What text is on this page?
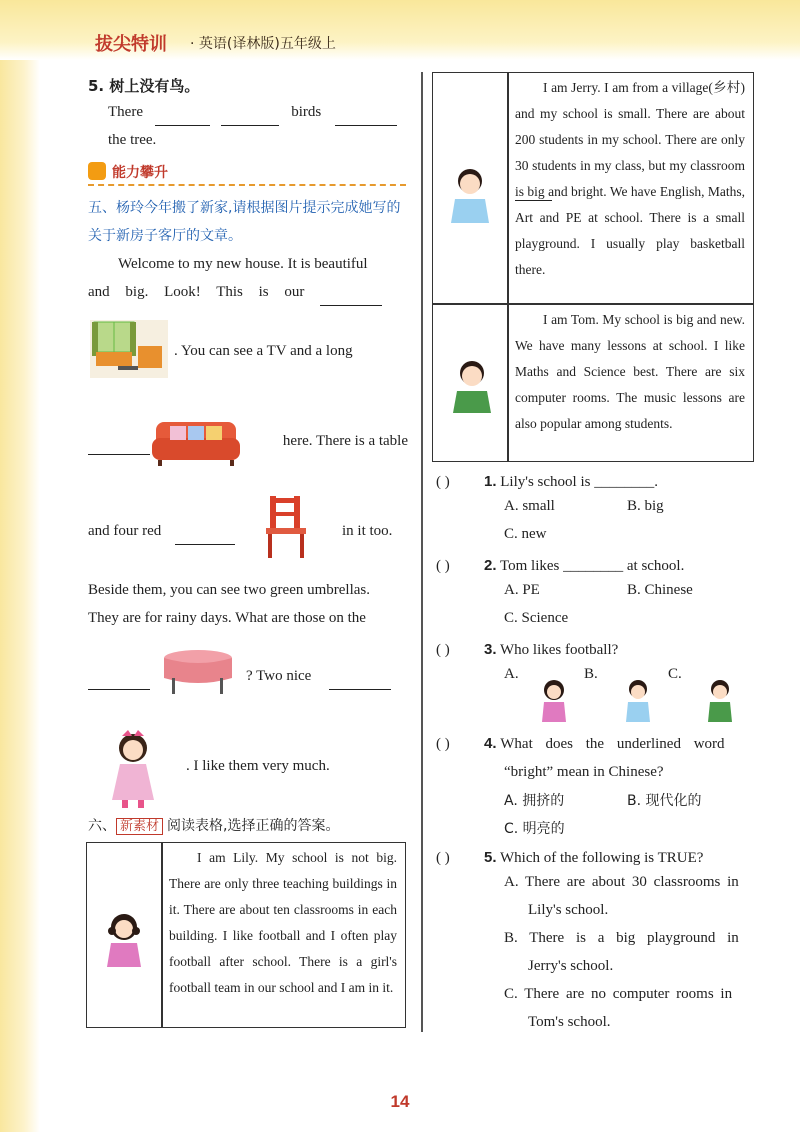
拔尖特训 · 英语(译林版)五年级上
5. 树上没有鸟。
There	birds
the tree.
能力攀升
五、杨玲今年搬了新家,请根据图片提示完成她写的关于新房子客厅的文章。
Welcome to my new house. It is beautiful
and big. Look! This is our
. You can see a TV and a long
here. There is a table
and four red	in it too.
Beside them, you can see two green umbrellas.
They are for rainy days. What are those on the
? Two nice
. I like them very much.
六、 新素材 阅读表格,选择正确的答案。
I am Lily. My school is not big. There are only three teaching buildings in it. There are about ten classrooms in each building. I like football and I often play football after school. There is a girl's football team in our school and I am in it.
I am Jerry. I am from a village(乡村) and my school is small. There are about 200 students in my school. There are only 30 students in my class, but my classroom is big and bright. We have English, Maths, Art and PE at school. There is a small playground. I usually play basketball there.
I am Tom. My school is big and new. We have many lessons at school. I like Maths and Science best. There are six computer rooms. The music lessons are also popular among students.
( ) 1. Lily's school is ________.
A. small	B. big
C. new
( ) 2. Tom likes ________ at school.
A. PE	B. Chinese
C. Science
( ) 3. Who likes football?
A.	B.	C.
( ) 4. What does the underlined word
“bright” mean in Chinese?
A. 拥挤的	B. 现代化的
C. 明亮的
( ) 5. Which of the following is TRUE?
A. There are about 30 classrooms in
Lily's school.
B. There is a big playground in
Jerry's school.
C. There are no computer rooms in
Tom's school.
14
